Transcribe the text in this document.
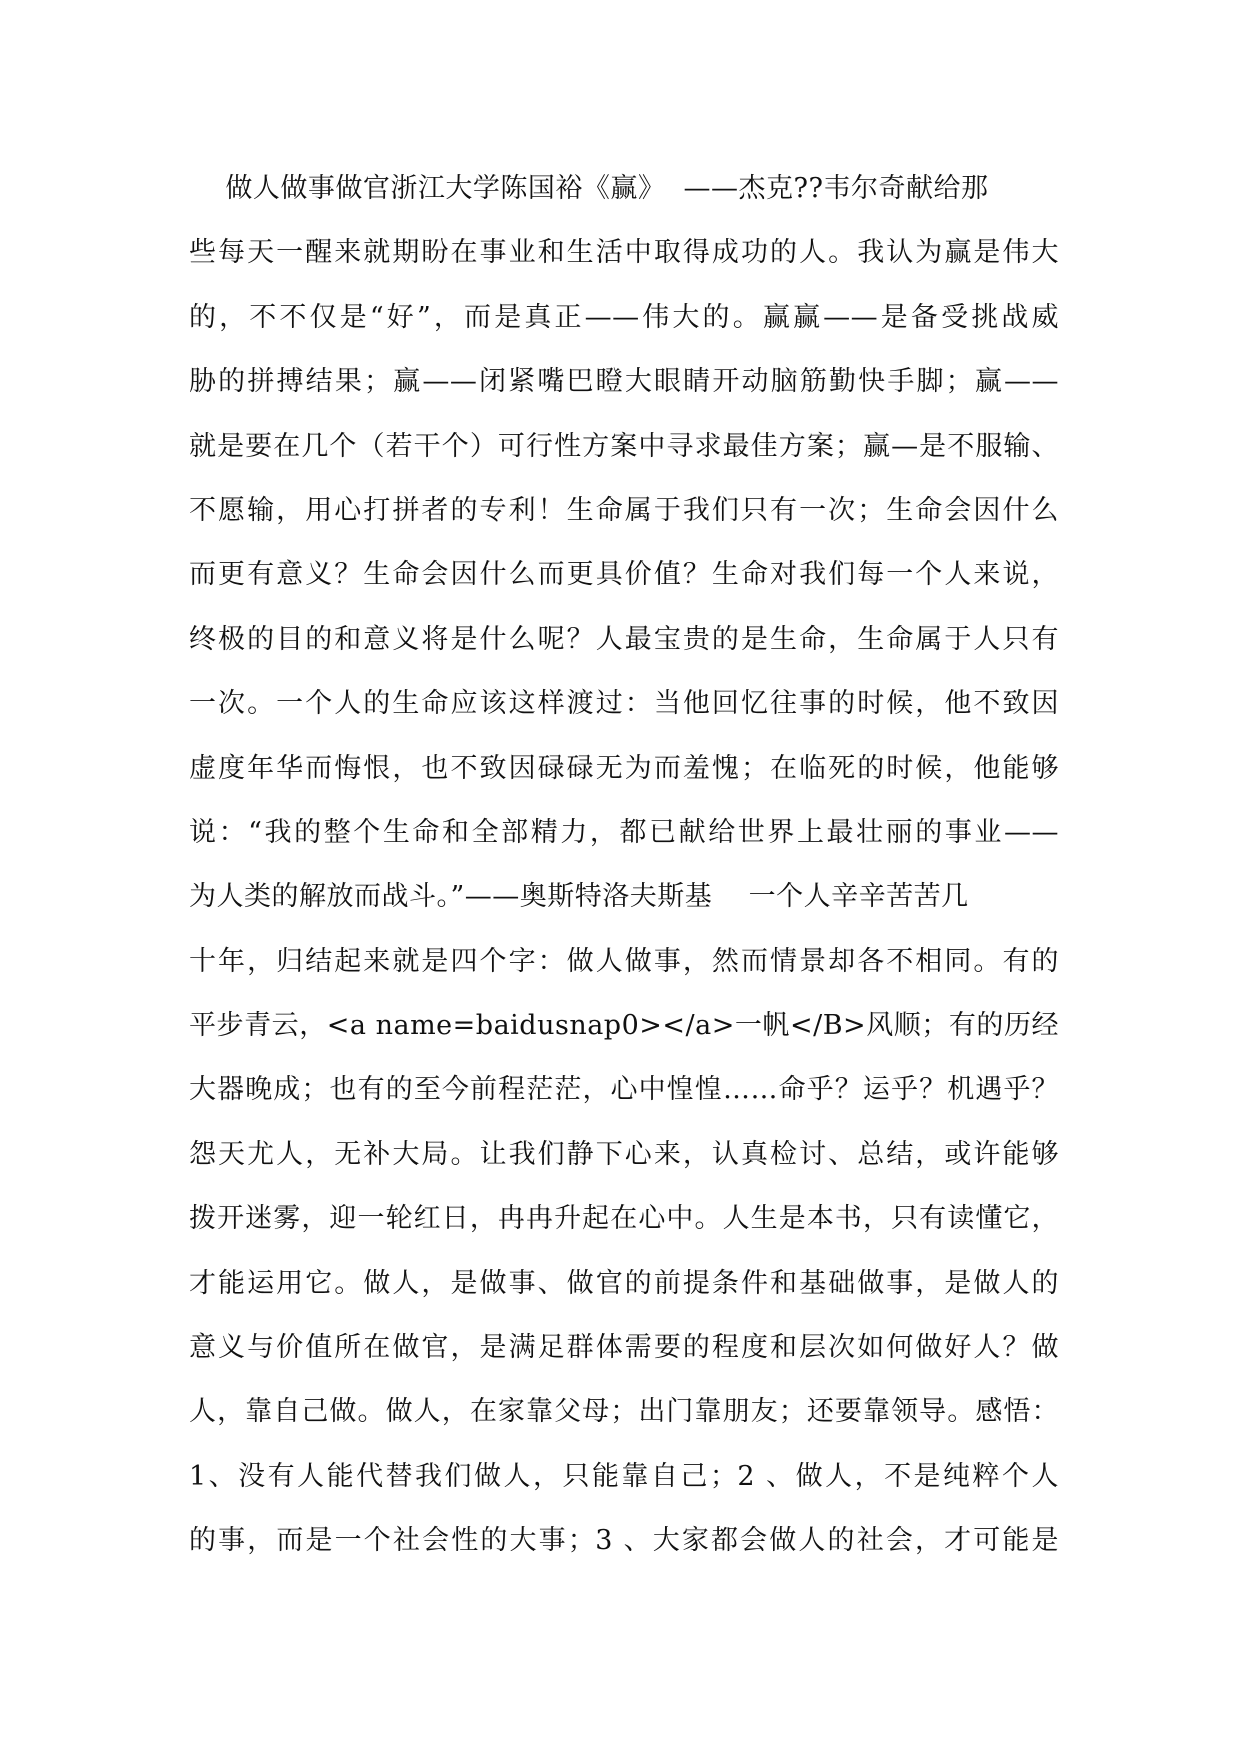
做人做事做官浙江大学陈国裕《赢》  ——杰克??韦尔奇献给那
些每天一醒来就期盼在事业和生活中取得成功的人。我认为赢是伟大
的，不不仅是“好”，而是真正——伟大的。赢赢——是备受挑战威
胁的拼搏结果；赢——闭紧嘴巴瞪大眼睛开动脑筋勤快手脚；赢——
就是要在几个（若干个）可行性方案中寻求最佳方案；赢—是不服输、
不愿输，用心打拼者的专利！生命属于我们只有一次；生命会因什么
而更有意义？生命会因什么而更具价值？生命对我们每一个人来说，
终极的目的和意义将是什么呢？人最宝贵的是生命，生命属于人只有
一次。一个人的生命应该这样渡过：当他回忆往事的时候，他不致因
虚度年华而悔恨，也不致因碌碌无为而羞愧；在临死的时候，他能够
说：“我的整个生命和全部精力，都已献给世界上最壮丽的事业——
为人类的解放而战斗。”——奥斯特洛夫斯基    一个人辛辛苦苦几
十年，归结起来就是四个字：做人做事，然而情景却各不相同。有的
平步青云，<a name=baidusnap0></a>一帆</B>风顺；有的历经
大器晚成；也有的至今前程茫茫，心中惶惶……命乎？运乎？机遇乎？
怨天尤人，无补大局。让我们静下心来，认真检讨、总结，或许能够
拨开迷雾，迎一轮红日，冉冉升起在心中。人生是本书，只有读懂它，
才能运用它。做人，是做事、做官的前提条件和基础做事，是做人的
意义与价值所在做官，是满足群体需要的程度和层次如何做好人？做
人，靠自己做。做人，在家靠父母；出门靠朋友；还要靠领导。感悟：
1、没有人能代替我们做人，只能靠自己；2 、做人，不是纯粹个人
的事，而是一个社会性的大事；3 、大家都会做人的社会，才可能是
